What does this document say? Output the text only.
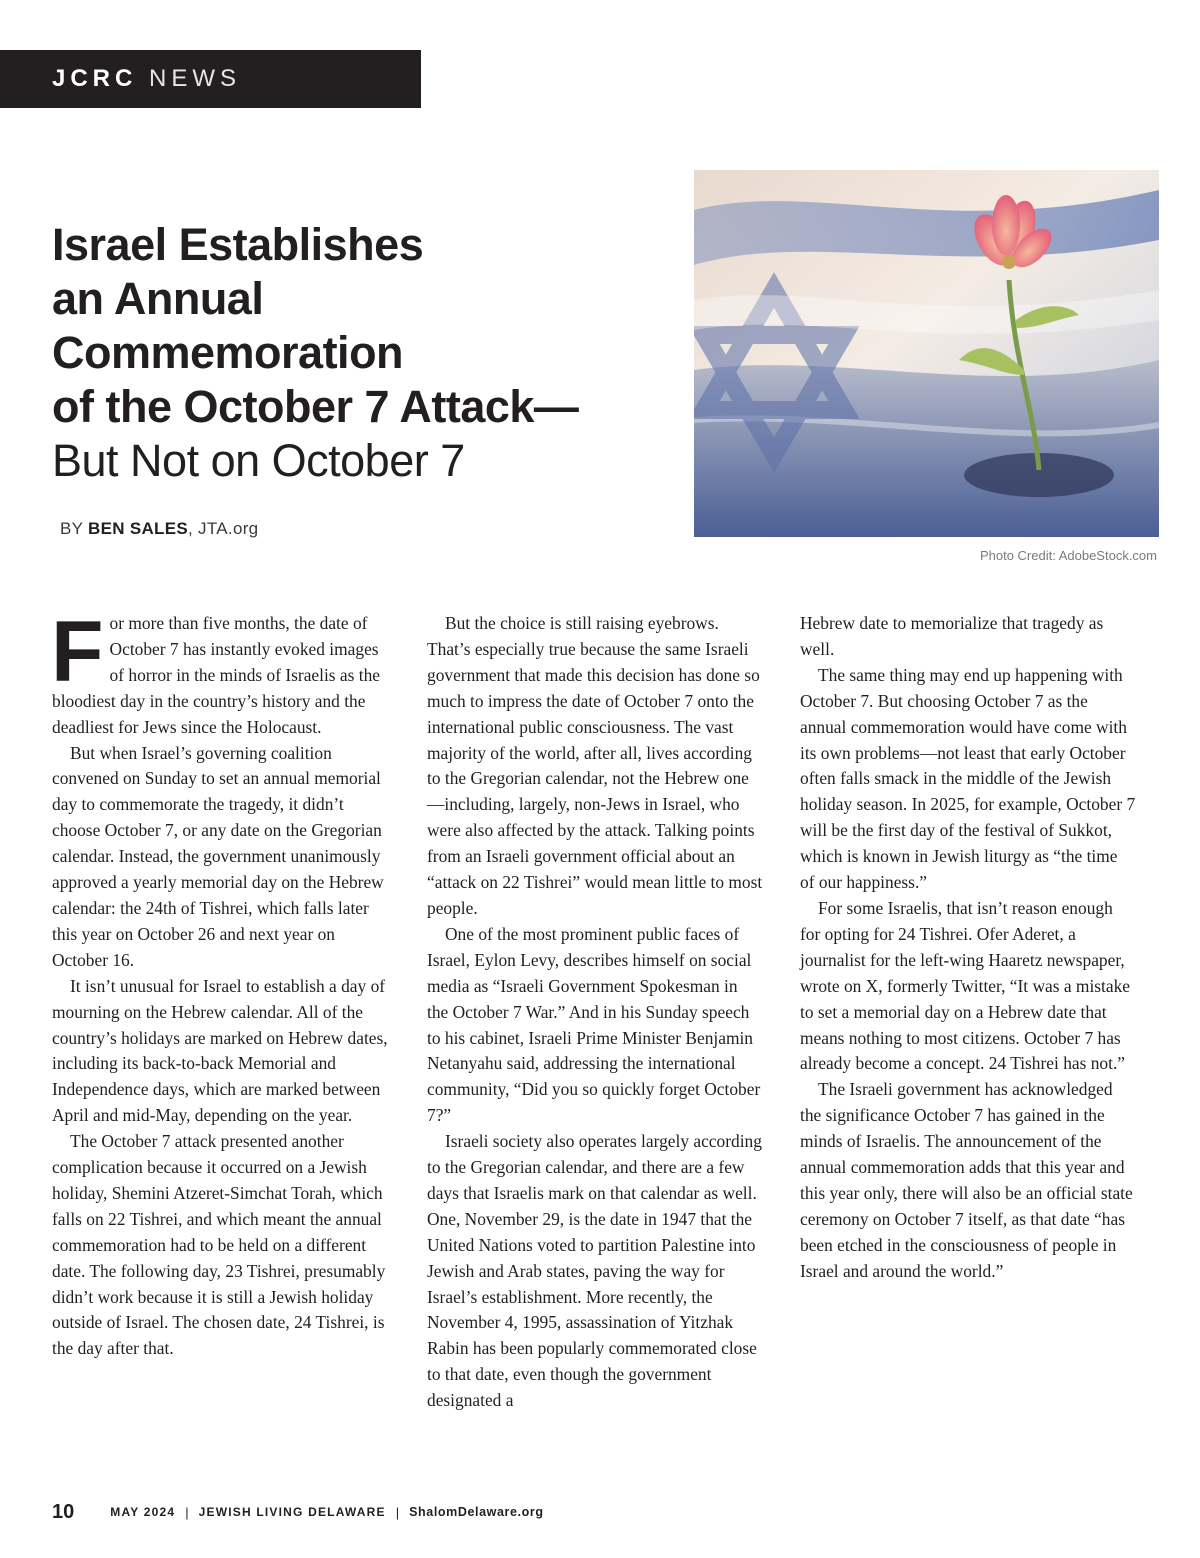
JCRC NEWS
Israel Establishes
an Annual
Commemoration
of the October 7 Attack—
But Not on October 7
BY BEN SALES, JTA.org
Photo Credit: AdobeStock.com

For more than five months, the date of October 7 has instantly evoked images of horror in the minds of Israelis as the bloodiest day in the country’s history and the deadliest for Jews since the Holocaust.

But when Israel’s governing coalition convened on Sunday to set an annual memorial day to commemorate the tragedy, it didn’t choose October 7, or any date on the Gregorian calendar. Instead, the government unanimously approved a yearly memorial day on the Hebrew calendar: the 24th of Tishrei, which falls later this year on October 26 and next year on October 16.

It isn’t unusual for Israel to establish a day of mourning on the Hebrew calendar. All of the country’s holidays are marked on Hebrew dates, including its back-to-back Memorial and Independence days, which are marked between April and mid-May, depending on the year.

The October 7 attack presented another complication because it occurred on a Jewish holiday, Shemini Atzeret-Simchat Torah, which falls on 22 Tishrei, and which meant the annual commemoration had to be held on a different date. The following day, 23 Tishrei, presumably didn’t work because it is still a Jewish holiday outside of Israel. The chosen date, 24 Tishrei, is the day after that.

But the choice is still raising eyebrows. That’s especially true because the same Israeli government that made this decision has done so much to impress the date of October 7 onto the international public consciousness. The vast majority of the world, after all, lives according to the Gregorian calendar, not the Hebrew one—including, largely, non-Jews in Israel, who were also affected by the attack. Talking points from an Israeli government official about an “attack on 22 Tishrei” would mean little to most people.

One of the most prominent public faces of Israel, Eylon Levy, describes himself on social media as “Israeli Government Spokesman in the October 7 War.” And in his Sunday speech to his cabinet, Israeli Prime Minister Benjamin Netanyahu said, addressing the international community, “Did you so quickly forget October 7?”

Israeli society also operates largely according to the Gregorian calendar, and there are a few days that Israelis mark on that calendar as well. One, November 29, is the date in 1947 that the United Nations voted to partition Palestine into Jewish and Arab states, paving the way for Israel’s establishment. More recently, the November 4, 1995, assassination of Yitzhak Rabin has been popularly commemorated close to that date, even though the government designated a

Hebrew date to memorialize that tragedy as well.

The same thing may end up happening with October 7. But choosing October 7 as the annual commemoration would have come with its own problems—not least that early October often falls smack in the middle of the Jewish holiday season. In 2025, for example, October 7 will be the first day of the festival of Sukkot, which is known in Jewish liturgy as “the time of our happiness.”

For some Israelis, that isn’t reason enough for opting for 24 Tishrei. Ofer Aderet, a journalist for the left-wing Haaretz newspaper, wrote on X, formerly Twitter, “It was a mistake to set a memorial day on a Hebrew date that means nothing to most citizens. October 7 has already become a concept. 24 Tishrei has not.”

The Israeli government has acknowledged the significance October 7 has gained in the minds of Israelis. The announcement of the annual commemoration adds that this year and this year only, there will also be an official state ceremony on October 7 itself, as that date “has been etched in the consciousness of people in Israel and around the world.”

10	MAY 2024 | JEWISH LIVING DELAWARE | ShalomDelaware.org
